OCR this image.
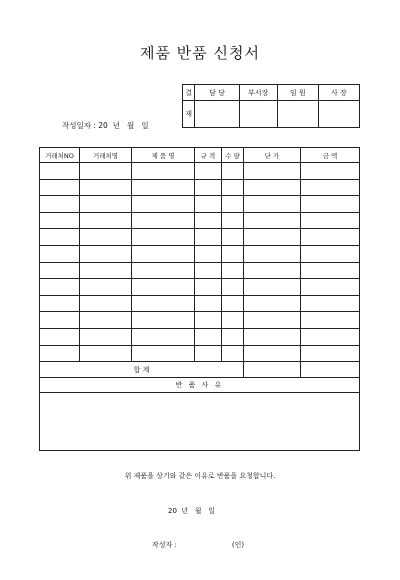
제품 반품 신청서
작성일자 : 20  년   월   일
결	담 당	부서장	임 원	사 장
재				
거래처NO	거래처명	제 품 명	규 격	수 량	단 가	금 액

합 계						
반 품 사 유						

위 제품을 상기와 같은 이유로 반품을 요청합니다.
20  년   월   일
작성자 :	(인)
